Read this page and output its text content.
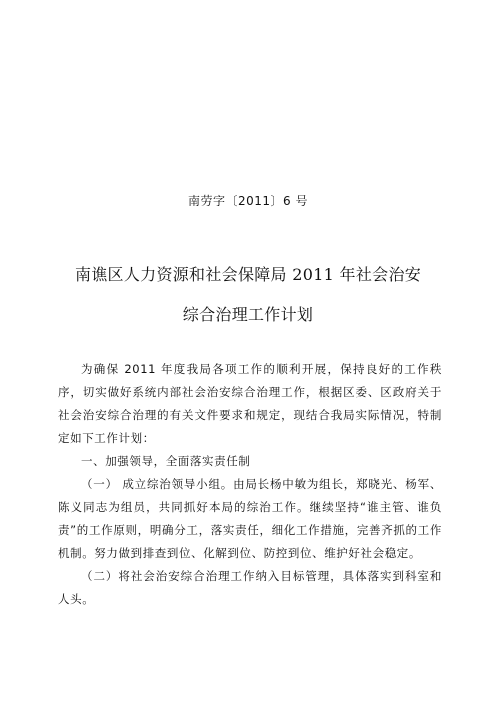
南劳字〔2011〕6 号
南谯区人力资源和社会保障局 2011 年社会治安
综合治理工作计划

为确保 2011 年度我局各项工作的顺利开展，保持良好的工作秩序，切实做好系统内部社会治安综合治理工作，根据区委、区政府关于社会治安综合治理的有关文件要求和规定，现结合我局实际情况，特制定如下工作计划：

一、加强领导，全面落实责任制

（一） 成立综治领导小组。由局长杨中敏为组长，郑晓光、杨军、陈义同志为组员，共同抓好本局的综治工作。继续坚持“谁主管、谁负责”的工作原则，明确分工，落实责任，细化工作措施，完善齐抓的工作机制。努力做到排查到位、化解到位、防控到位、维护好社会稳定。

（二）将社会治安综合治理工作纳入目标管理，具体落实到科室和人头。
